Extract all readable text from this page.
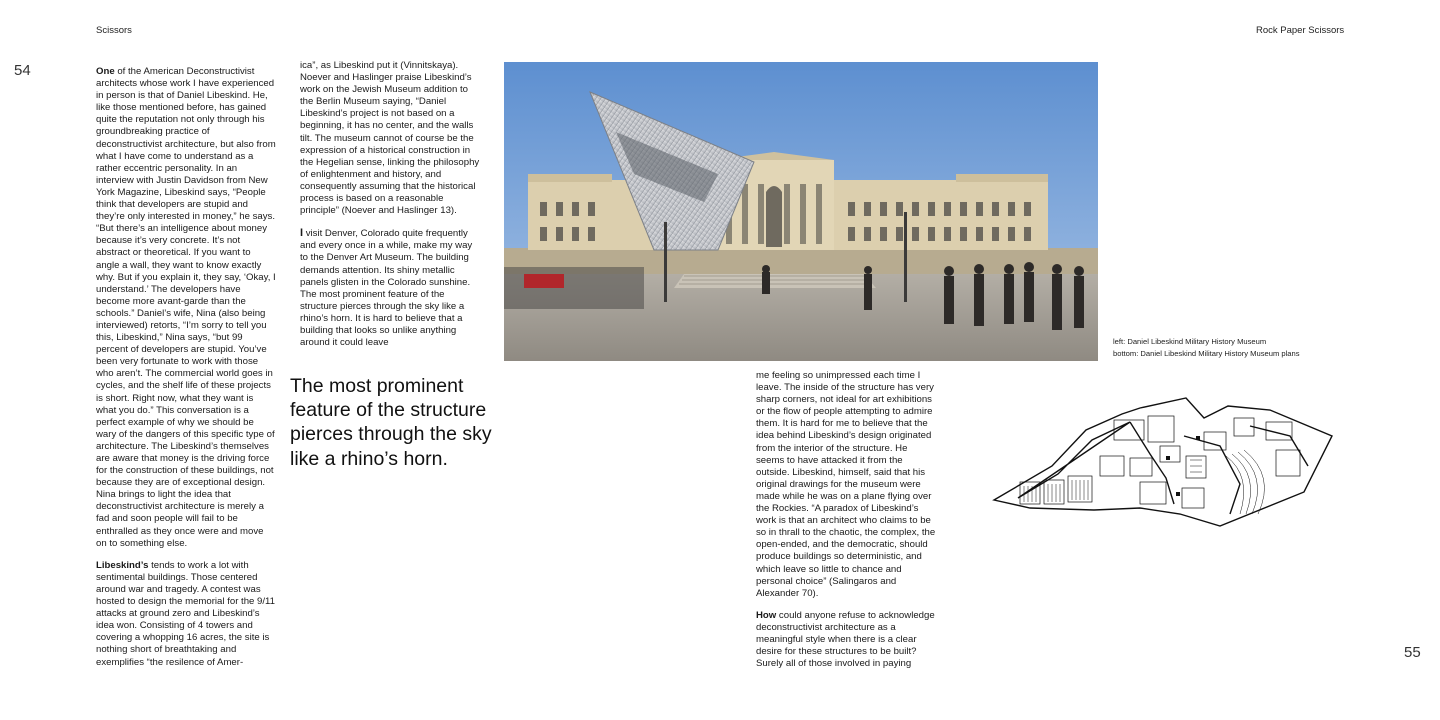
Scissors	Rock Paper Scissors
54
55

One of the American Deconstructivist architects whose work I have experienced in person is that of Daniel Libeskind. He, like those mentioned before, has gained quite the reputation not only through his groundbreaking practice of deconstructivist architecture, but also from what I have come to understand as a rather eccentric personality. In an interview with Justin Davidson from New York Magazine, Libeskind says, “People think that developers are stupid and they’re only interested in money,” he says. “But there’s an intelligence about money because it’s very concrete. It’s not abstract or theoretical. If you want to angle a wall, they want to know exactly why. But if you explain it, they say, ‘Okay, I understand.’ The developers have become more avant-garde than the schools.” Daniel’s wife, Nina (also being interviewed) retorts, “I’m sorry to tell you this, Libeskind,” Nina says, “but 99 percent of developers are stupid. You’ve been very fortunate to work with those who aren’t. The commercial world goes in cycles, and the shelf life of these projects is short. Right now, what they want is what you do.” This conversation is a perfect example of why we should be wary of the dangers of this specific type of architecture. The Libeskind’s themselves are aware that money is the driving force for the construction of these buildings, not because they are of exceptional design. Nina brings to light the idea that deconstructivist architecture is merely a fad and soon people will fail to be enthralled as they once were and move on to something else.

Libeskind’s tends to work a lot with sentimental buildings. Those centered around war and tragedy. A contest was hosted to design the memorial for the 9/11 attacks at ground zero and Libeskind’s idea won. Consisting of 4 towers and covering a whopping 16 acres, the site is nothing short of breathtaking and exemplifies “the resilence of Amer-

ica”, as Libeskind put it (Vinnitskaya). Noever and Haslinger praise Libeskind’s work on the Jewish Museum addition to the Berlin Museum saying, “Daniel Libeskind’s project is not based on a beginning, it has no center, and the walls tilt. The museum cannot of course be the expression of a historical construction in the Hegelian sense, linking the philosophy of enlightenment and history, and consequently assuming that the historical process is based on a reasonable principle” (Noever and Haslinger 13).

I visit Denver, Colorado quite frequently and every once in a while, make my way to the Denver Art Museum. The building demands attention. Its shiny metallic panels glisten in the Colorado sunshine. The most prominent feature of the structure pierces through the sky like a rhino’s horn. It is hard to believe that a building that looks so unlike anything around it could leave

The most prominent feature of the structure pierces through the sky like a rhino’s horn.
left: Daniel Libeskind Military History Museum
bottom: Daniel Libeskind Military History Museum plans

me feeling so unimpressed each time I leave. The inside of the structure has very sharp corners, not ideal for art exhibitions or the flow of people attempting to admire them. It is hard for me to believe that the idea behind Libeskind’s design originated from the interior of the structure. He seems to have attacked it from the outside. Libeskind, himself, said that his original drawings for the museum were made while he was on a plane flying over the Rockies. “A paradox of Libeskind’s work is that an architect who claims to be so in thrall to the chaotic, the complex, the open-ended, and the democratic, should produce buildings so deterministic, and which leave so little to chance and personal choice” (Salingaros and Alexander 70).

How could anyone refuse to acknowledge deconstructivist architecture as a meaningful style when there is a clear desire for these structures to be built? Surely all of those involved in paying
